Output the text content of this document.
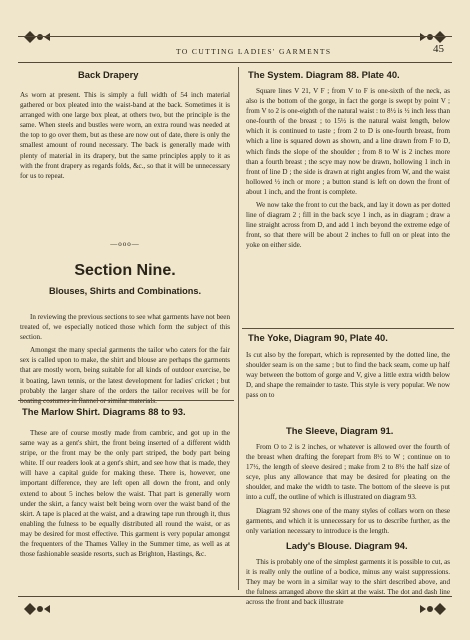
TO CUTTING LADIES' GARMENTS	45
Back Drapery

As worn at present. This is simply a full width of 54 inch material gathered or box pleated into the waist-band at the back. Sometimes it is arranged with one large box pleat, at others two, but the principle is the same. When steels and bustles were worn, an extra round was needed at the top to go over them, but as these are now out of date, there is only the smallest amount of round necessary. The back is generally made with plenty of material in its drapery, but the same principles apply to it as with the front drapery as regards folds, &c., so that it will be unnecessary for us to repeat.

—ooo—
Section Nine.
Blouses, Shirts and Combinations.

In reviewing the previous sections to see what garments have not been treated of, we especially noticed those which form the subject of this section.

Amongst the many special garments the tailor who caters for the fair sex is called upon to make, the shirt and blouse are perhaps the garments that are mostly worn, being suitable for all kinds of outdoor exercise, be it boating, lawn tennis, or the latest development for ladies' cricket ; but probably the larger share of the orders the tailor receives will be for boating costumes in flannel or similar materials.

The Marlow Shirt. Diagrams 88 to 93.

These are of course mostly made from cambric, and got up in the same way as a gent's shirt, the front being inserted of a different width stripe, or the front may be the only part striped, the body part being white. If our readers look at a gent's shirt, and see how that is made, they will have a capital guide for making these. There is, however, one important difference, they are left open all down the front, and only extend to about 5 inches below the waist. That part is generally worn under the skirt, a fancy waist belt being worn over the waist band of the skirt. A tape is placed at the waist, and a drawing tape run through it, thus enabling the fulness to be equally distributed all round the waist, or as may be desired for most effective. This garment is very popular amongst the frequenters of the Thames Valley in the Summer time, as well as at those fashionable seaside resorts, such as Brighton, Hastings, &c.

The System. Diagram 88. Plate 40.

Square lines V 21, V F ; from V to F is one-sixth of the neck, as also is the bottom of the gorge, in fact the gorge is swept by point V ; from V to 2 is one-eighth of the natural waist : to 8½ is ½ inch less than one-fourth of the breast ; to 15½ is the natural waist length, below which it is continued to taste ; from 2 to D is one-fourth breast, from which a line is squared down as shown, and a line drawn from F to D, which finds the slope of the shoulder ; from 8 to W is 2 inches more than a fourth breast ; the scye may now be drawn, hollowing 1 inch in front of line D ; the side is drawn at right angles from W, and the waist hollowed ½ inch or more ; a button stand is left on down the front of about 1 inch, and the front is complete.

We now take the front to cut the back, and lay it down as per dotted line of diagram 2 ; fill in the back scye 1 inch, as in diagram ; draw a line straight across from D, and add 1 inch beyond the extreme edge of front, so that there will be about 2 inches to full on or pleat into the yoke on either side.

The Yoke, Diagram 90, Plate 40.

Is cut also by the forepart, which is represented by the dotted line, the shoulder seam is on the same ; but to find the back seam, come up half way between the bottom of gorge and V, give a little extra width below D, and shape the remainder to taste. This style is very popular. We now pass on to

The Sleeve, Diagram 91.

From O to 2 is 2 inches, or whatever is allowed over the fourth of the breast when drafting the forepart from 8½ to W ; continue on to 17½, the length of sleeve desired ; make from 2 to 8½ the half size of scye, plus any allowance that may be desired for pleating on the shoulder, and make the width to taste. The bottom of the sleeve is put into a cuff, the outline of which is illustrated on diagram 93.

Diagram 92 shows one of the many styles of collars worn on these garments, and which it is unnecessary for us to describe further, as the only variation necessary to introduce is the length.

Lady's Blouse. Diagram 94.

This is probably one of the simplest garments it is possible to cut, as it is really only the outline of a bodice, minus any waist suppressions. They may be worn in a similar way to the shirt described above, and the fulness arranged above the skirt at the waist. The dot and dash line across the front and back illustrate
